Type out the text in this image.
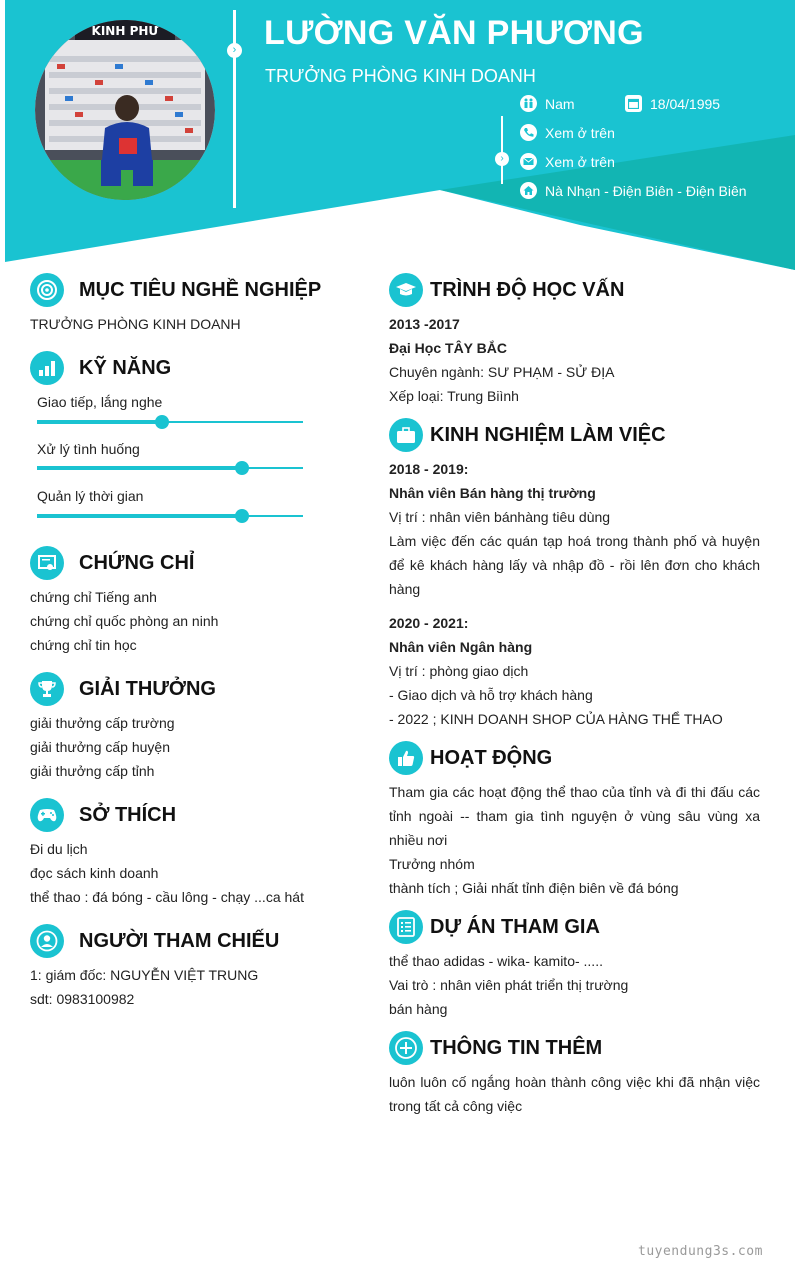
KINH PHƯ
› LƯỜNG VĂN PHƯƠNG
TRƯỞNG PHÒNG KINH DOANH
›
Nam	18/04/1995
Xem ở trên
Xem ở trên
Nà Nhạn - Điện Biên - Điện Biên
MỤC TIÊU NGHỀ NGHIỆP
TRƯỞNG PHÒNG KINH DOANH
KỸ NĂNG
Giao tiếp, lắng nghe
Xử lý tình huống
Quản lý thời gian
CHỨNG CHỈ
chứng chỉ Tiếng anh
chứng chỉ quốc phòng an ninh
chứng chỉ tin học
GIẢI THƯỞNG
giải thưởng cấp trường
giải thưởng cấp huyện
giải thưởng cấp tỉnh
SỞ THÍCH
Đi du lịch
đọc sách kinh doanh
thể thao : đá bóng - cầu lông - chạy ...ca hát
NGƯỜI THAM CHIẾU
1: giám đốc: NGUYỄN VIỆT TRUNG
sdt: 0983100982
TRÌNH ĐỘ HỌC VẤN
2013 -2017
Đại Học TÂY BẮC
Chuyên ngành: SƯ PHẠM - SỬ ĐỊA
Xếp loại: Trung Biình
KINH NGHIỆM LÀM VIỆC
2018 - 2019:
Nhân viên Bán hàng thị trường
Vị trí : nhân viên bánhàng tiêu dùng
Làm việc đến các quán tạp hoá trong thành phố và huyện để kê khách hàng lấy và nhập đồ - rồi lên đơn cho khách hàng
2020 - 2021:
Nhân viên Ngân hàng
Vị trí : phòng giao dịch
- Giao dịch và hỗ trợ khách hàng
- 2022 ; KINH DOANH SHOP CỦA HÀNG THỂ THAO
HOẠT ĐỘNG
Tham gia các hoạt động thể thao của tỉnh và đi thi đấu các tỉnh ngoài -- tham gia tình nguyện ở vùng sâu vùng xa nhiều nơi
Trưởng nhóm
thành tích ; Giải nhất tỉnh điện biên về đá bóng
DỰ ÁN THAM GIA
thể thao adidas - wika- kamito- .....
Vai trò : nhân viên phát triển thị trường
bán hàng
THÔNG TIN THÊM
luôn luôn cố ngắng hoàn thành công việc khi đã nhận việc trong tất cả công việc
tuyendung3s.com
